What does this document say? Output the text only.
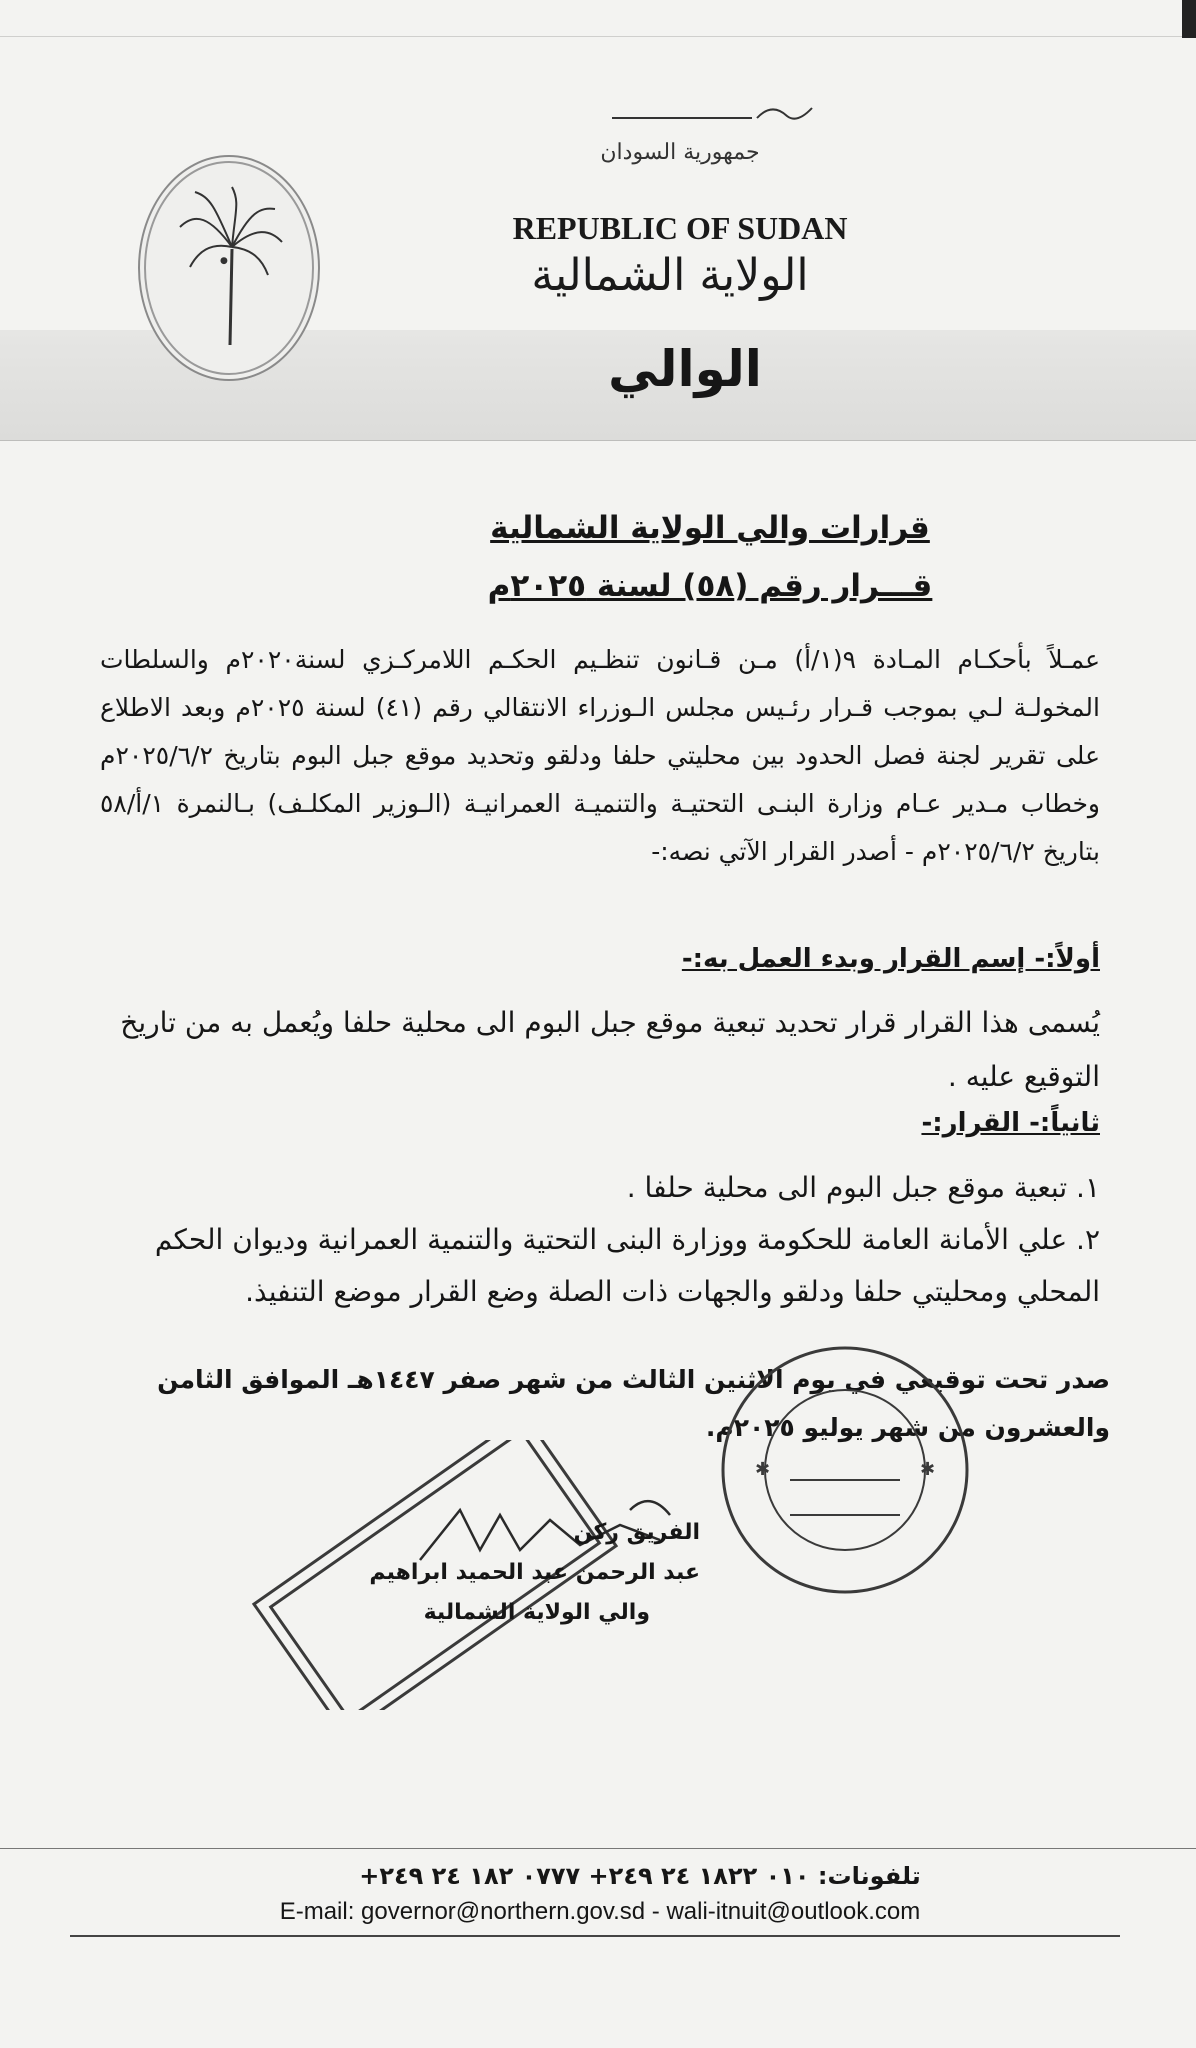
●
جمهورية السودان
REPUBLIC OF SUDAN
الولاية الشمالية
الوالي
قرارات والي الولاية الشمالية
قـــرار رقم (٥٨) لسنة ٢٠٢٥م
عمـلاً بأحكـام المـادة ٩(١/أ) مـن قـانون تنظـيم الحكـم اللامركـزي لسنة٢٠٢٠م والسلطات المخولـة لـي بموجب قـرار رئـيس مجلس الـوزراء الانتقالي رقم (٤١) لسنة ٢٠٢٥م وبعد الاطلاع على تقرير لجنة فصل الحدود بين محليتي حلفا ودلقو وتحديد موقع جبل البوم بتاريخ ٢٠٢٥/٦/٢م وخطاب مـدير عـام وزارة البنـى التحتيـة والتنميـة العمرانيـة (الـوزير المكلـف) بـالنمرة ١/أ/٥٨ بتاريخ ٢٠٢٥/٦/٢م - أصدر القرار الآتي نصه:-
أولاً:- إسم القرار وبدء العمل به:-
يُسمى هذا القرار قرار تحديد تبعية موقع جبل البوم الى محلية حلفا ويُعمل به من تاريخ التوقيع عليه .
ثانياً:- القرار:-
١. تبعية موقع جبل البوم الى محلية حلفا .
٢. علي الأمانة العامة للحكومة ووزارة البنى التحتية والتنمية العمرانية وديوان الحكم المحلي ومحليتي حلفا ودلقو والجهات ذات الصلة وضع القرار موضع التنفيذ.
صدر تحت توقيعي في يوم الاثنين الثالث من شهر صفر ١٤٤٧هـ الموافق الثامن والعشرون من شهر يوليو ٢٠٢٥م.
✱	✱
الفريق ركن
عبد الرحمن عبد الحميد ابراهيم
والي الولاية الشمالية
تلفونات: ٠١٠ ١٨٢٢ ٢٤ ٢٤٩+ ٠٧٧٧ ١٨٢ ٢٤ ٢٤٩+
E-mail: governor@northern.gov.sd - wali-itnuit@outlook.com
